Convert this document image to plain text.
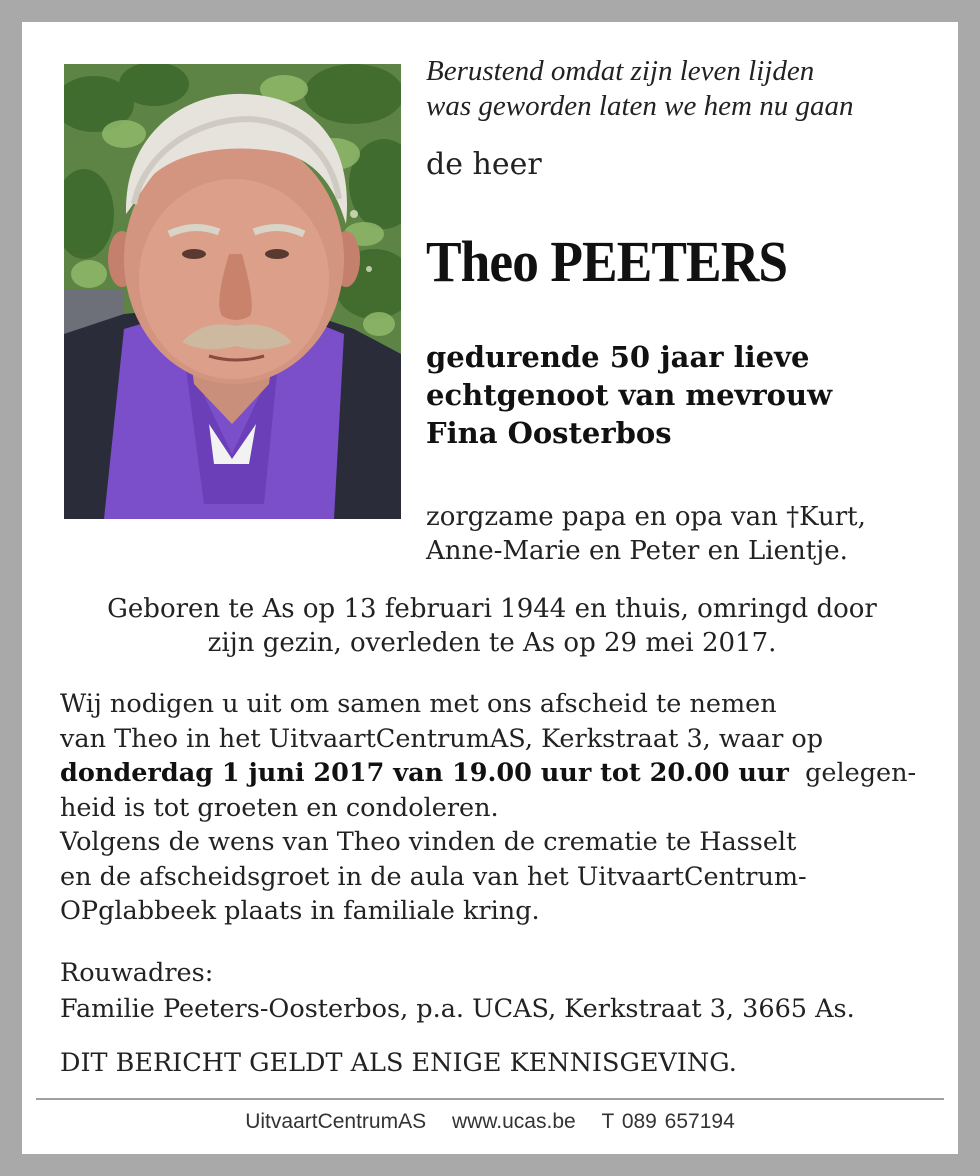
Berustend omdat zijn leven lijden
was geworden laten we hem nu gaan
de heer
Theo PEETERS
gedurende 50 jaar lieve
echtgenoot van mevrouw
Fina Oosterbos
zorgzame papa en opa van †Kurt,
Anne-Marie en Peter en Lientje.
Geboren te As op 13 februari 1944 en thuis, omringd door
zijn gezin, overleden te As op 29 mei 2017.

Wij nodigen u uit om samen met ons afscheid te nemen

van Theo in het UitvaartCentrumAS, Kerkstraat 3, waar op

donderdag 1 juni 2017 van 19.00 uur tot 20.00 uur gelegen-

heid is tot groeten en condoleren.

Volgens de wens van Theo vinden de crematie te Hasselt

en de afscheidsgroet in de aula van het UitvaartCentrum-

OPglabbeek plaats in familiale kring.

Rouwadres:
Familie Peeters-Oosterbos, p.a. UCAS, Kerkstraat 3, 3665 As.
DIT BERICHT GELDT ALS ENIGE KENNISGEVING.
UitvaartCentrumAS www.ucas.be T 089 657194
